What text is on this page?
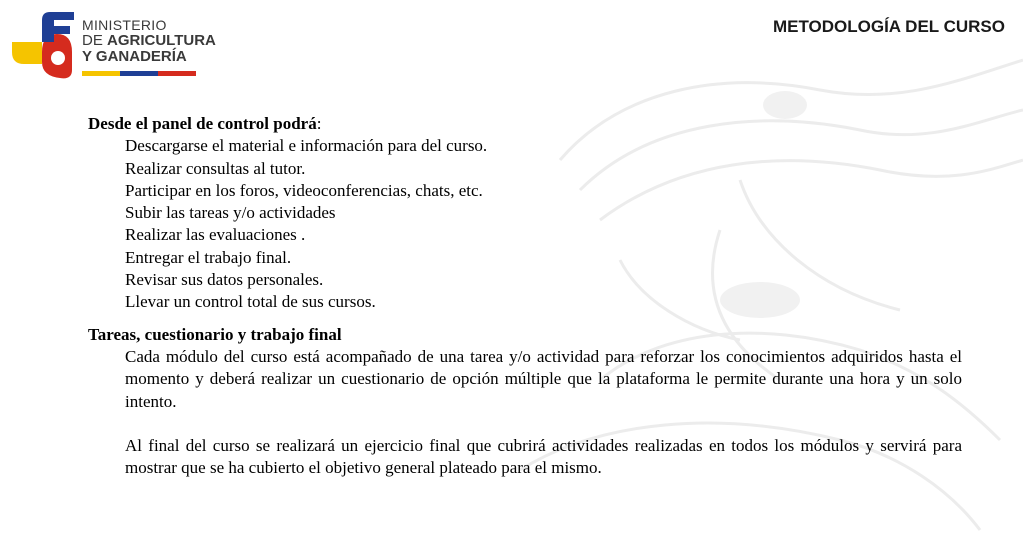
MINISTERIO
DE AGRICULTURA
Y GANADERÍA
METODOLOGÍA DEL CURSO
Desde el panel de control podrá:
Descargarse el material e información para del curso.
Realizar consultas al tutor.
Participar en los foros, videoconferencias, chats, etc.
Subir las tareas y/o actividades
Realizar las evaluaciones .
Entregar el trabajo final.
Revisar sus datos personales.
Llevar un control total de sus cursos.
Tareas, cuestionario y trabajo final
Cada módulo del curso está acompañado de una tarea y/o actividad para reforzar los conocimientos adquiridos hasta el momento y deberá realizar un cuestionario de opción múltiple que la plataforma le permite durante una hora y un solo intento.
Al final del curso se realizará un ejercicio final que cubrirá actividades realizadas en todos los módulos y servirá para mostrar que se ha cubierto el objetivo general plateado para el mismo.
